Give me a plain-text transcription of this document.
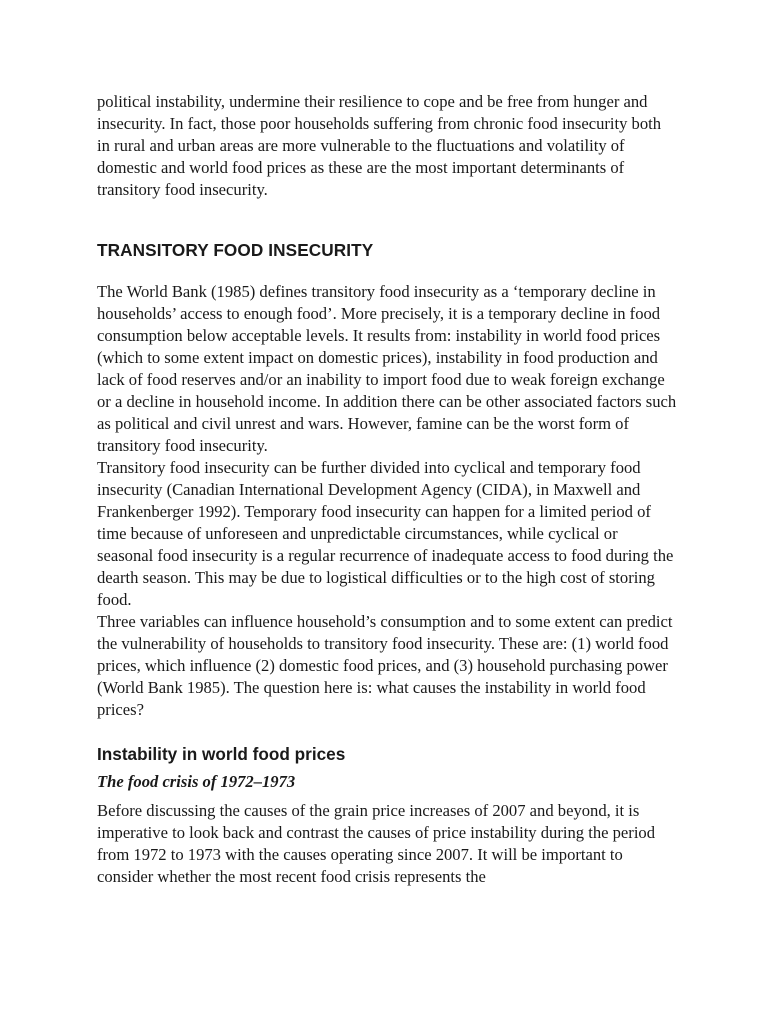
political instability, undermine their resilience to cope and be free from hunger and insecurity. In fact, those poor households suffering from chronic food insecurity both in rural and urban areas are more vulnerable to the fluctuations and volatility of domestic and world food prices as these are the most important determinants of transitory food insecurity.

TRANSITORY FOOD INSECURITY

The World Bank (1985) defines transitory food insecurity as a ‘temporary decline in households’ access to enough food’. More precisely, it is a temporary decline in food consumption below acceptable levels. It results from: instability in world food prices (which to some extent impact on domestic prices), instability in food production and lack of food reserves and/or an inability to import food due to weak foreign exchange or a decline in household income. In addition there can be other associated factors such as political and civil unrest and wars. However, famine can be the worst form of transitory food insecurity.

Transitory food insecurity can be further divided into cyclical and temporary food insecurity (Canadian International Development Agency (CIDA), in Maxwell and Frankenberger 1992). Temporary food insecurity can happen for a limited period of time because of unforeseen and unpredictable circumstances, while cyclical or seasonal food insecurity is a regular recurrence of inadequate access to food during the dearth season. This may be due to logistical difficulties or to the high cost of storing food.

Three variables can influence household’s consumption and to some extent can predict the vulnerability of households to transitory food insecurity. These are: (1) world food prices, which influence (2) domestic food prices, and (3) household purchasing power (World Bank 1985). The question here is: what causes the instability in world food prices?

Instability in world food prices
The food crisis of 1972–1973

Before discussing the causes of the grain price increases of 2007 and beyond, it is imperative to look back and contrast the causes of price instability during the period from 1972 to 1973 with the causes operating since 2007. It will be important to consider whether the most recent food crisis represents the
